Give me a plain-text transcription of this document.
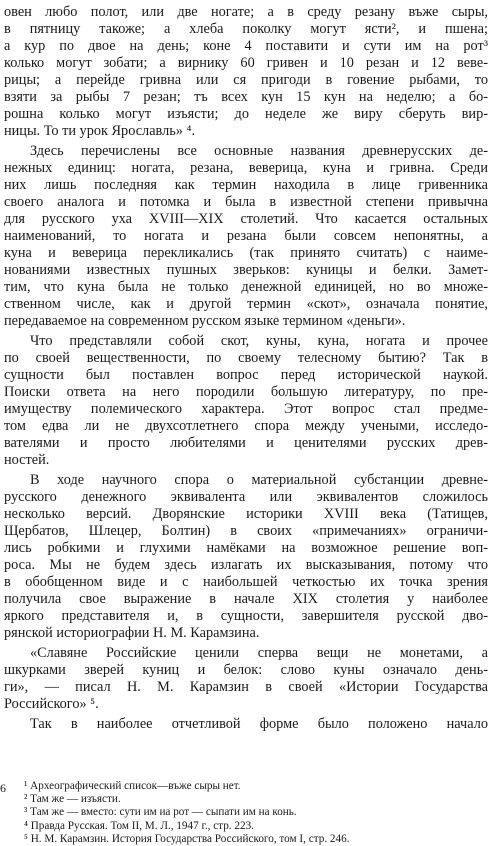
овен любо полот, или две ногате; а в среду резану въже сыры,
в пятницу такоже; а хлеба поколку могут ясти², и пшена;
а кур по двое на день; коне 4 поставити и сути им на рот³
колько могут зобати; а вирнику 60 гривен и 10 резан и 12 вeвe-
рицы; а перейде гривна или ся пригоди в говение рыбами, то
взяти за рыбы 7 резан; тъ всех кун 15 кун на неделю; а бо-
рошна колько могут изъясти; до неделе же виру сберуть вир-
ницы. То ти урок Ярославль» ⁴.
Здесь перечислены все основные названия древнерусских де-
нежных единиц: ногата, резана, веверица, куна и гривна. Среди
них лишь последняя как термин находила в лице гривенника
своего аналога и потомка и была в известной степени привычна
для русского уха XVIII—XIX столетий. Что касается остальных
наименований, то ногата и резана были совсем непонятны, а
куна и веверица перекликались (так принято считать) с наиме-
нованиями известных пушных зверьков: куницы и белки. Замет-
тим, что куна была не только денежной единицей, но во множе-
ственном числе, как и другой термин «скот», означала понятие,
передаваемое на современном русском языке термином «деньги».
Что представляли собой скот, куны, куна, ногата и прочее
по своей вещественности, по своему телесному бытию? Так в
сущности был поставлен вопрос перед исторической наукой.
Поиски ответа на него породили большую литературу, по пре-
имуществу полемического характера. Этот вопрос стал предме-
том едва ли не двухсотлетнего спора между учеными, исследо-
вателями и просто любителями и ценителями русских древ-
ностей.
В ходе научного спора о материальной субстанции древне-
русского денежного эквивалента или эквивалентов сложилось
несколько версий. Дворянские историки XVIII века (Татищев,
Щербатов, Шлецер, Болтин) в своих «примечаниях» ограничи-
лись робкими и глухими намёками на возможное решение воп-
роса. Мы не будем здесь излагать их высказывания, потому что
в обобщенном виде и с наибольшей четкостью их точка зрения
получила свое выражение в начале XIX столетия у наиболее
яркого представителя и, в сущности, завершителя русской дво-
рянской историографии Н. М. Карамзина.
«Славяне Российские ценили сперва вещи не монетами, а
шкурками зверей куниц и белок: слово куны означало день-
ги», — писал Н. М. Карамзин в своей «Истории Государства
Российского» ⁵.
Так в наиболее отчетливой форме было положено начало
¹ Археографический список—въже сыры нет.
² Там же — изъясти.
³ Там же — вместо: сути им иа рот — сыпати им на конь.
⁴ Правда Русская. Том II, М. Л., 1947 г., стр. 223.
⁵ Н. М. Карамзин. История Государства Российского, том I, стр. 246.
6
